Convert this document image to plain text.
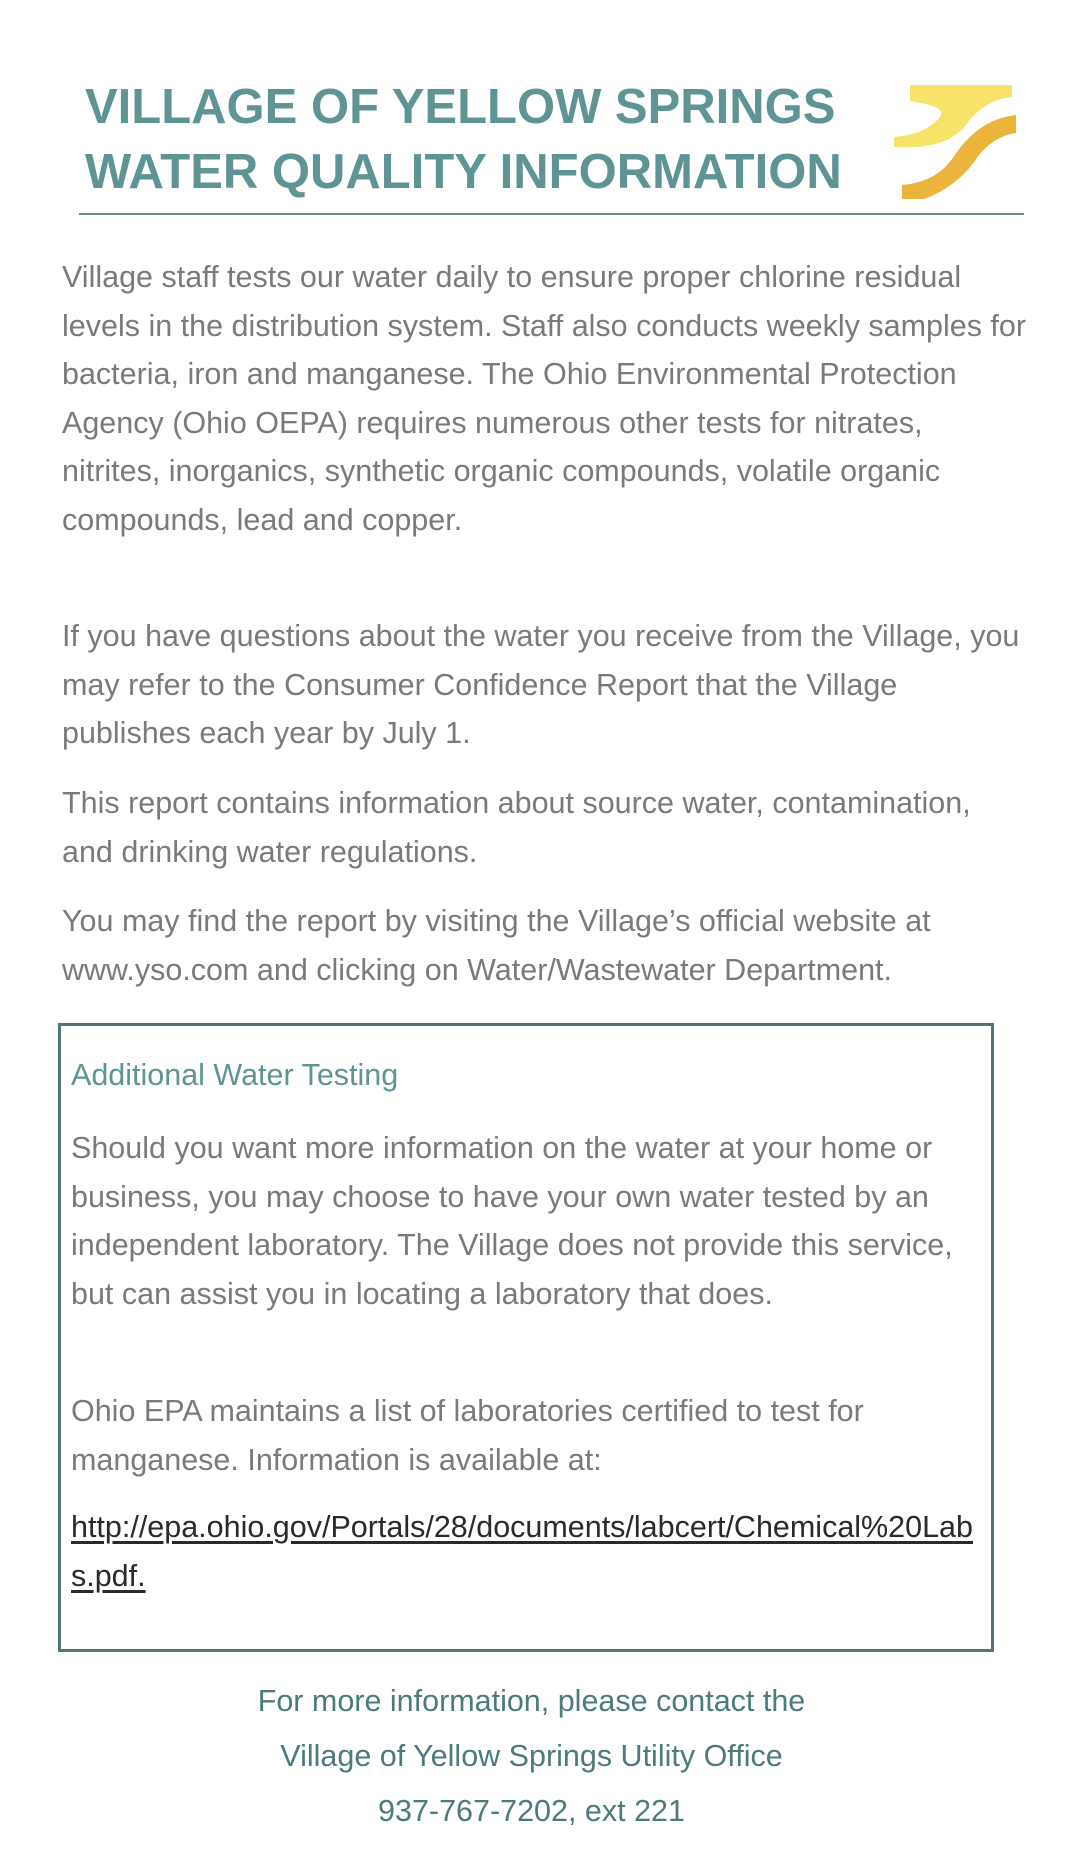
VILLAGE OF YELLOW SPRINGS
WATER QUALITY INFORMATION

Village staff tests our water daily to ensure proper chlorine residual levels in the distribution system. Staff also conducts weekly samples for bacteria, iron and manganese. The Ohio Environmental Protection Agency (Ohio OEPA) requires numerous other tests for nitrates, nitrites, inorganics, synthetic organic compounds, volatile organic compounds, lead and copper.

If you have questions about the water you receive from the Village, you may refer to the Consumer Confidence Report that the Village publishes each year by July 1.

This report contains information about source water, contamination, and drinking water regulations.

You may find the report by visiting the Village’s official website at www.yso.com and clicking on Water/Wastewater Department.

Additional Water Testing

Should you want more information on the water at your home or business, you may choose to have your own water tested by an independent laboratory. The Village does not provide this service, but can assist you in locating a laboratory that does.

Ohio EPA maintains a list of laboratories certified to test for manganese. Information is available at:

http://epa.ohio.gov/Portals/28/documents/labcert/Chemical%20Labs.pdf.
For more information, please contact the
Village of Yellow Springs Utility Office
937-767-7202, ext 221
